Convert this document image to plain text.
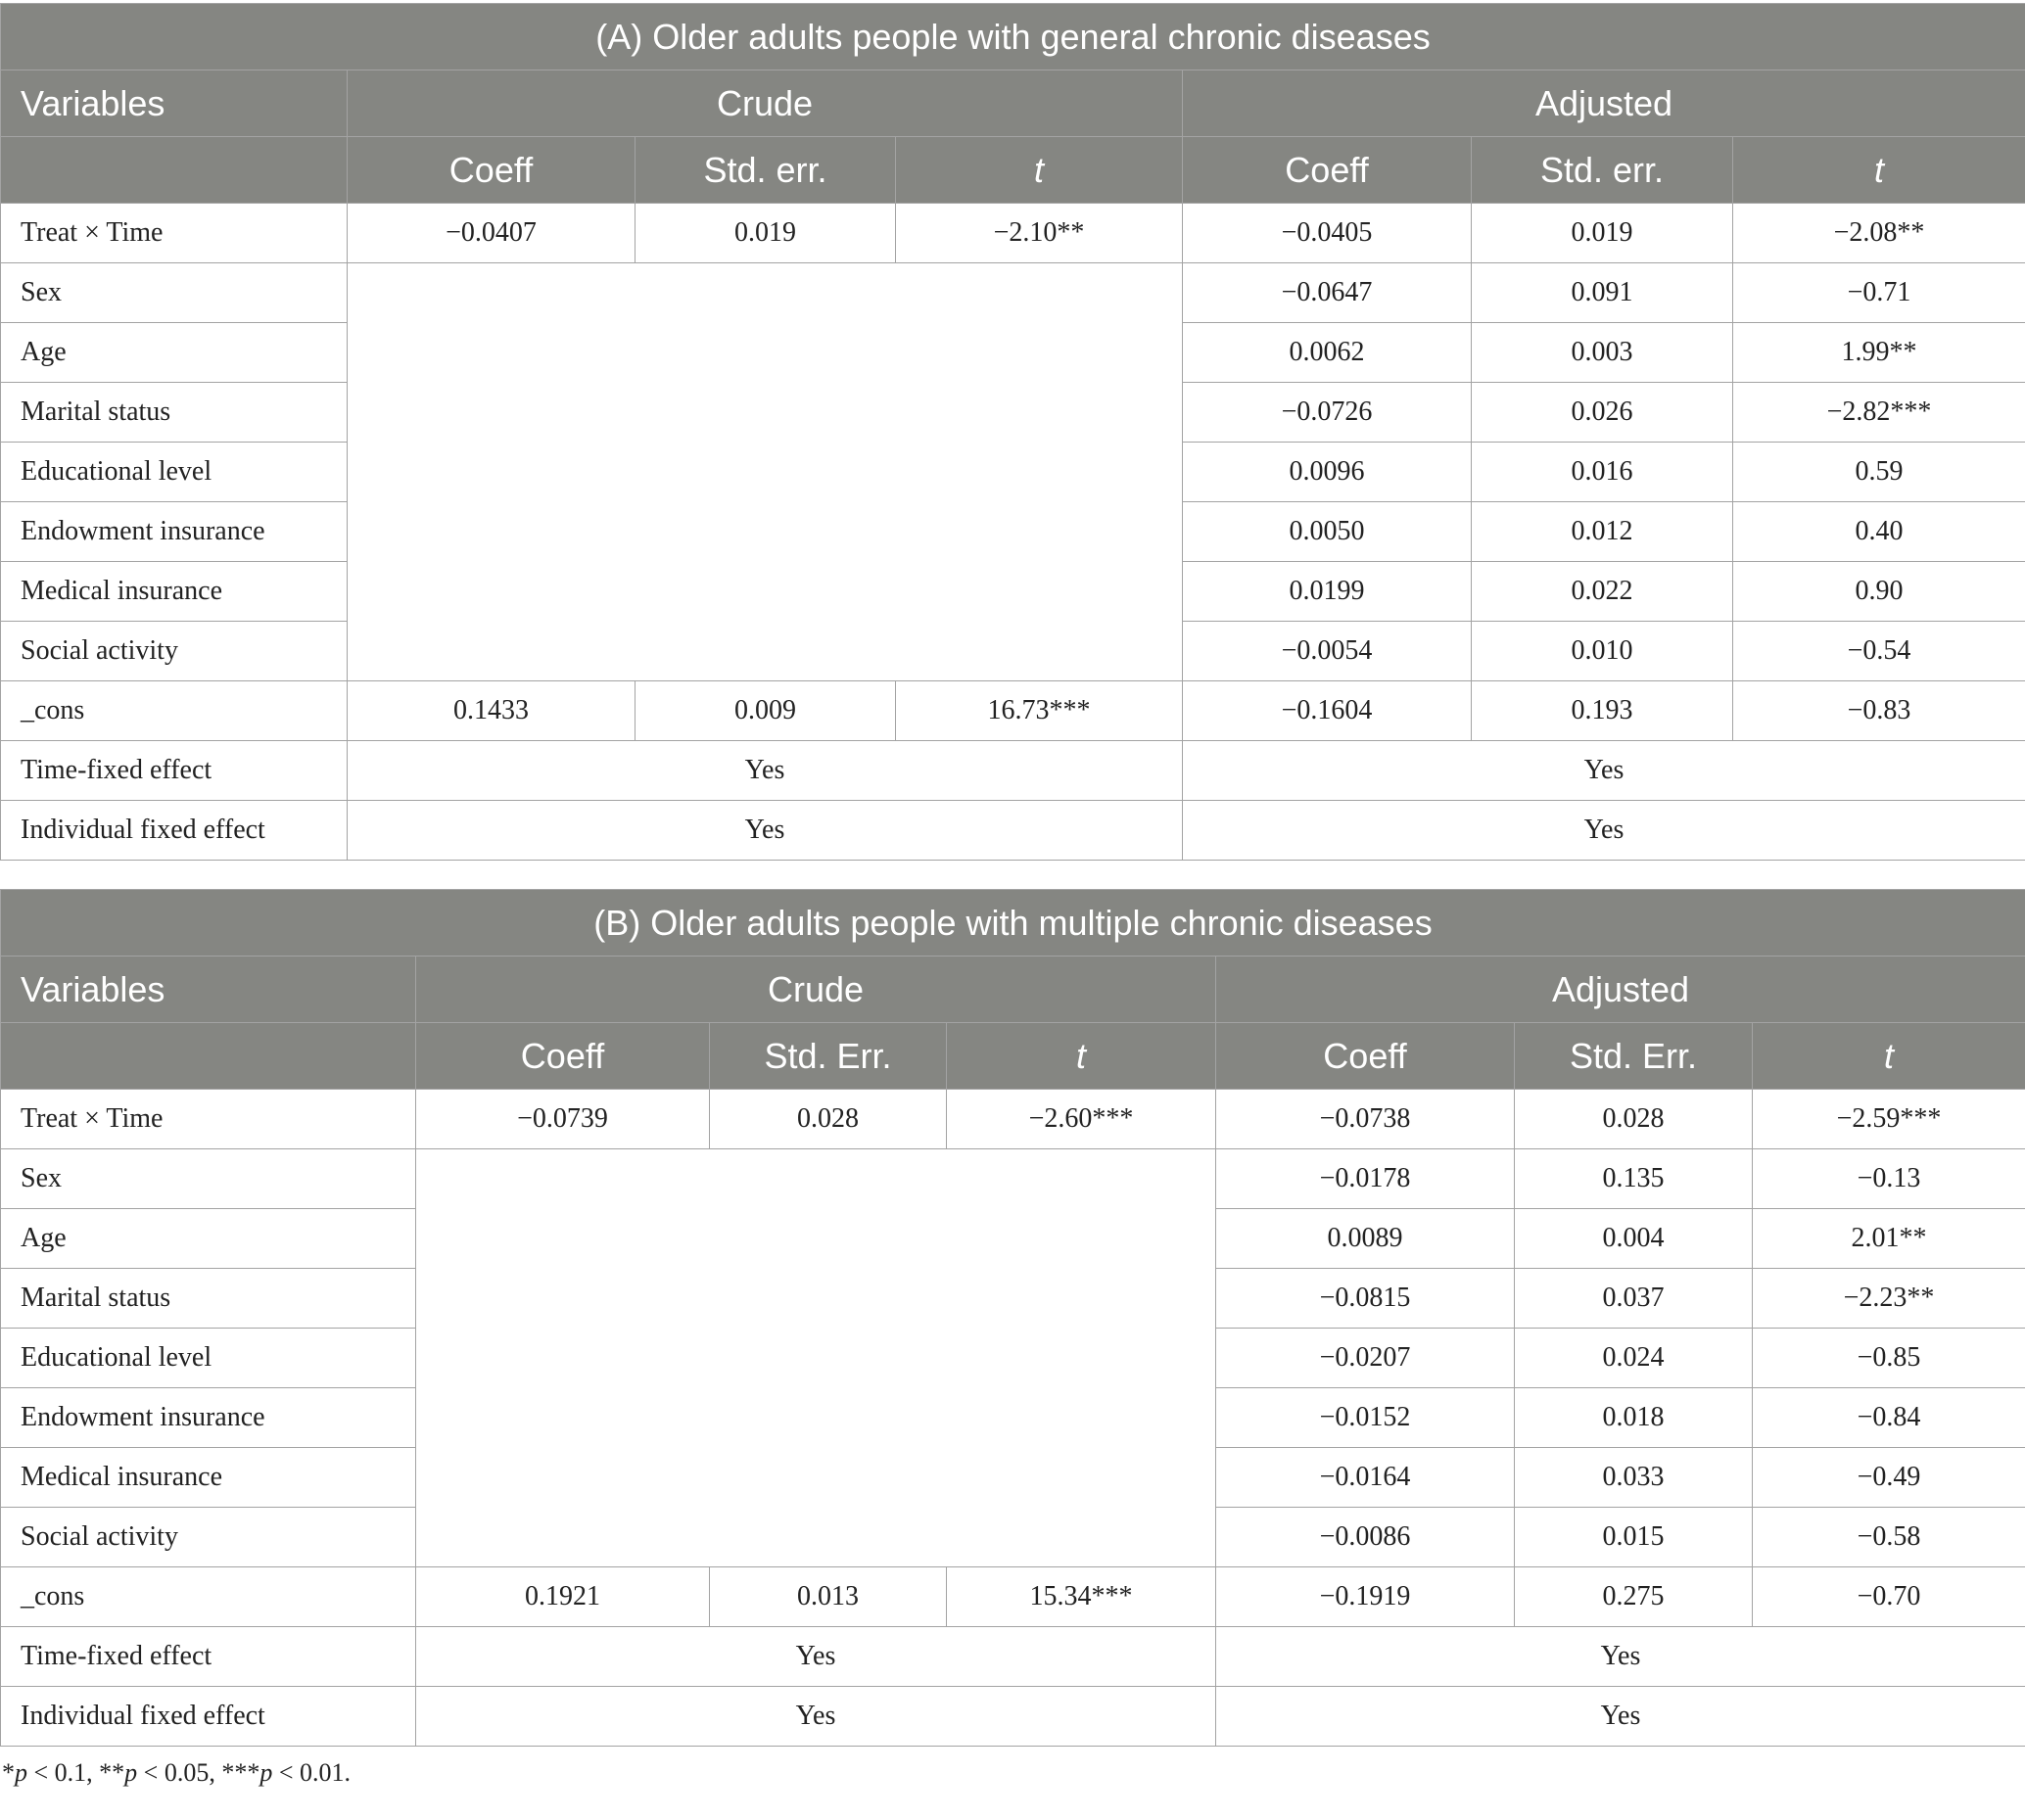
(A) Older adults people with general chronic diseases						
Variables	Crude			Adjusted		
	Coeff	Std. err.	t	Coeff	Std. err.	t
Treat × Time	−0.0407	0.019	−2.10**	−0.0405	0.019	−2.08**
Sex				−0.0647	0.091	−0.71
Age				0.0062	0.003	1.99**
Marital status				−0.0726	0.026	−2.82***
Educational level				0.0096	0.016	0.59
Endowment insurance				0.0050	0.012	0.40
Medical insurance				0.0199	0.022	0.90
Social activity				−0.0054	0.010	−0.54
_cons	0.1433	0.009	16.73***	−0.1604	0.193	−0.83
Time-fixed effect	Yes			Yes		
Individual fixed effect	Yes			Yes		
(B) Older adults people with multiple chronic diseases						
Variables	Crude			Adjusted		
	Coeff	Std. Err.	t	Coeff	Std. Err.	t
Treat × Time	−0.0739	0.028	−2.60***	−0.0738	0.028	−2.59***
Sex				−0.0178	0.135	−0.13
Age				0.0089	0.004	2.01**
Marital status				−0.0815	0.037	−2.23**
Educational level				−0.0207	0.024	−0.85
Endowment insurance				−0.0152	0.018	−0.84
Medical insurance				−0.0164	0.033	−0.49
Social activity				−0.0086	0.015	−0.58
_cons	0.1921	0.013	15.34***	−0.1919	0.275	−0.70
Time-fixed effect	Yes			Yes		
Individual fixed effect	Yes			Yes		
*p < 0.1, **p < 0.05, ***p < 0.01.
